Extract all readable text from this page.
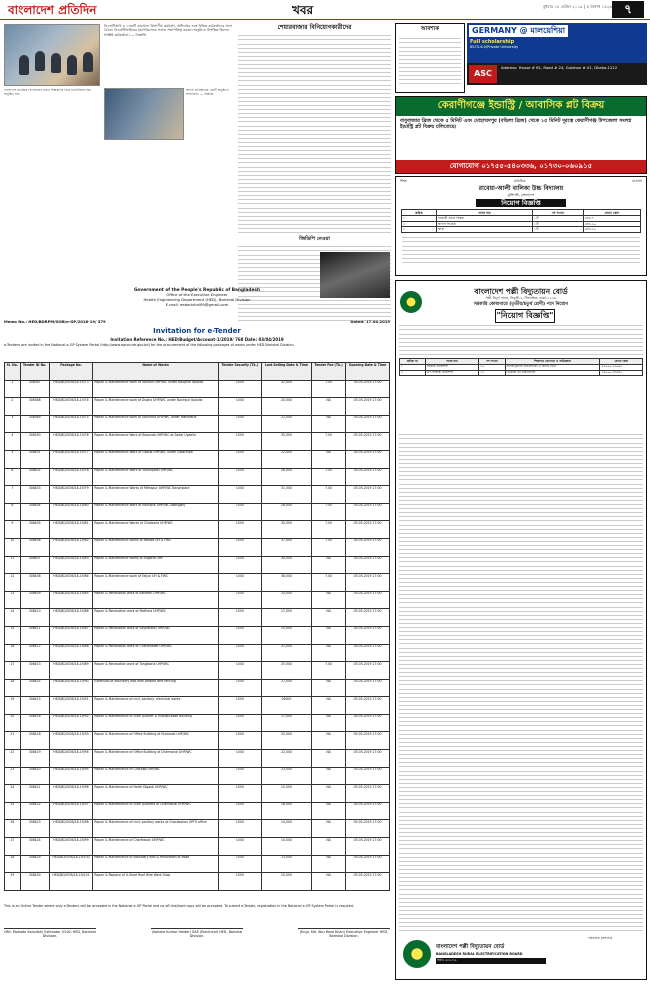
বাংলাদেশ প্রতিদিন	খবর	বুধবার ১৮ এপ্রিল ২০১৯ | ৫ বৈশাখ ১৪২৬	৭
বিএসটিআই ও ১৩৩টি কারখানা বিভাগীয় কর্মকর্তা, অধিদপ্তর এবং বিভিন্ন কর্মকর্তাদের সঙ্গে বৈঠক। বিএসটিআইয়ের মহাপরিচালক সভায় সভাপতিত্ব করেন। অনুষ্ঠানে উপস্থিত ছিলেন সংশ্লিষ্ট কর্মকর্তারা। — বিজ্ঞপ্তি
বাংলাদেশ মাধ্যমিক বিদ্যালয়ের প্রধান শিক্ষকদের নিয়ে মতবিনিময় সভা অনুষ্ঠিত হয়।
আপন প্রতিষ্ঠানের একটি অনুষ্ঠানে অতিথিরা। — বিজ্ঞপ্তি
শেয়ারবাজার বিনিয়োগকারীদের
জিডিপি নেওয়া
আবশ্যক	GERMANY @ মালয়েশিয়া
Full scholarship
IELTS-6.0/Private University
ASC
Address: House # 61, Road # 24, Gulshan # 01, Dhaka-1212
কেরাণীগঞ্জে ইন্ডাস্ট্রি / আবাসিক প্লট বিক্রয়
বাবুবাজার ব্রিজ থেকে ৫ মিনিট এবং মোহাম্মদপুর (বছিলা ব্রিজ) থেকে ১৫ মিনিট দূরত্বে কেরাণীগঞ্জ উপজেলা সংলগ্ন ইন্ডাস্ট্রি প্লট বিক্রয় চলিতেছে।
যোগাযোগ ০১৭৫৫-৫৪০৩৩৬, ০১৭৩০-০৬০৯১৫
শিক্ষা	মাধ্যমিক	মাদ্রাসা
রাবেয়া-আলী বালিকা উচ্চ বিদ্যালয়
মুন্সিগঞ্জ, বাংলাদেশ
নিয়োগ বিজ্ঞপ্তি
ক্রমিক	পদের নাম	পদ সংখ্যা	বেতন স্কেল
১	সহকারী প্রধান শিক্ষক	১টি	গ্রেড-৭
২	অফিস সহায়ক	১টি	গ্রেড-২০
৩	আয়া	১টি	গ্রেড-২০
Government of the People's Republic of Bangladesh
Office of the Executive Engineer
Health Engineering Department (HED), Barishal Division
E-mail: eebarishal09@gmail.com
Memo No.: HED/BDRPM/GOB/e-GP/2018-19/ 379	Dated: 17.04.2019
Invitation for e-Tender
Invitation Reference No.: HED/Budget/Account-1/2019/ 768 Date: 03/04/2019
e-Tenders are invited in the National e-GP System Portal (http://www.eprocure.gov.bd) for the procurement of the following packages of works under HED Barishal Division.
Sl. No.	Tender ID No.	Package No.	Name of Works	Tender Security (Tk.)	Last Selling Date & Time	Tender Fee (Tk.)	Opening Date & Time
1	308387	HED/BD/GOB/18-19/73	Repair & Maintenance work of Tolkhali UHP/WC under Bauphal Upazila	1000	32,000	7.00	05-05-2019 17:00
2	308388	HED/BD/GOB/18-19/74	Repair & Maintenance work of Dugha UHP/WC under Nazirpur Upazila	1000	20,000	NA	05-05-2019 17:00
3	308389	HED/BD/GOB/18-19/75	Repair & Maintenance work of Gourikha UHP/WC under Mathbaria	1000	21,000	NA	05-05-2019 17:00
4	308390	HED/BD/GOB/18-19/76	Repair & Maintenance Work of Basonda UHP/WC at Sadar Upazila	1000	35,000	7.00	05-05-2019 17:00
5	308401	HED/BD/GOB/18-19/77	Repair & Maintenance Work of Gabua UHP/WC under Galachipa	1000	22,000	NA	05-05-2019 17:00
6	308402	HED/BD/GOB/18-19/78	Repair & Maintenance Work of Swarupkati UHP/WC	1000	26,000	7.00	05-05-2019 17:00
7	308403	HED/BD/GOB/18-19/79	Repair & Maintenance Works of Mithapur UHP/WC Banaripara	1000	31,000	7.00	05-05-2019 17:00
8	308404	HED/BD/GOB/18-19/80	Repair & Maintenance Work of Kashipur UHP/WC Babuganj	1000	28,000	7.00	05-05-2019 17:00
9	308405	HED/BD/GOB/18-19/81	Repair & Maintenance Works of Charbaria UHP/WC	1000	30,000	7.00	05-05-2019 17:00
10	308406	HED/BD/GOB/18-19/82	Repair & Maintenance works of Natiwa UH & FWC	1000	37,000	7.00	05-05-2019 17:00
11	308407	HED/BD/GOB/18-19/83	Repair & Maintenance works of Angaria UHP	1000	35,000	NA	05-05-2019 17:00
12	308408	HED/BD/GOB/18-19/84	Repair & Maintenance work of Faljuri UH & FWC	1000	38,000	7.00	05-05-2019 17:00
13	308409	HED/BD/GOB/18-19/85	Repair & Renovation work of Kalirbari UHP/WC	1000	25,000	NA	05-05-2019 17:00
14	308410	HED/BD/GOB/18-19/86	Repair & Renovation work of Mathara UHP/WC	1000	17,000	NA	05-05-2019 17:00
15	308411	HED/BD/GOB/18-19/87	Repair & Renovation work of Sayedkathi UHP/WC	1000	25,000	NA	05-05-2019 17:00
16	308412	HED/BD/GOB/18-19/88	Repair & Renovation work of Charamaddi UHP/WC	1000	21,000	NA	05-05-2019 17:00
17	308413	HED/BD/GOB/18-19/89	Repair & Renovation work of Tongibaria UHP/WC	1000	25,000	7.00	05-05-2019 17:00
18	308414	HED/BD/GOB/18-19/90	Extension of boundary wall with barbed wire fencing	1000	27,000	NA	05-05-2019 17:00
19	308415	HED/BD/GOB/18-19/91	Repair & Maintenance of civil, sanitary, electrical works	1000	26000	NA	05-05-2019 17:00
20	308416	HED/BD/GOB/18-19/92	Repair & Maintenance of Staff Quarter & Multipurpose Building	1000	17,000	NA	05-05-2019 17:00
21	308418	HED/BD/GOB/18-19/93	Repair & Maintenance of Office Building at Hizlamail UHP/WC	1000	25,000	NA	05-05-2019 17:00
22	308419	HED/BD/GOB/18-19/94	Repair & Maintenance of Office Building at Charmonai UHP/WC	1000	22,000	NA	05-05-2019 17:00
23	308420	HED/BD/GOB/18-19/95	Repair & Maintenance of Chorabo UHP/WC	1000	23,000	NA	05-05-2019 17:00
24	308421	HED/BD/GOB/18-19/96	Repair & Maintenance of North Digaldi UHP/WC	1000	15,000	NA	05-05-2019 17:00
25	308422	HED/BD/GOB/18-19/97	Repair & Maintenance of Staff Quarters of Charmonai UHP/WC	1000	16,000	NA	05-05-2019 17:00
26	308423	HED/BD/GOB/18-19/98	Repair & Maintenance of civil, sanitary works at Charbashan UPFO office	1000	14,000	NA	05-05-2019 17:00
27	308424	HED/BD/GOB/18-19/99	Repair & Maintenance of Charfesson UHP/WC	1000	14,000	NA	05-05-2019 17:00
28	308429	HED/BD/GOB/18-19/100	Repair & Maintenance of Boundary wall & renovation of Road	1000	13,000	NA	05-05-2019 17:00
29	308430	HED/BD/GOB/18-19/101	Repair & Replace of U-Shed Roof Wire Work Shop	1000	20,000	NA	05-05-2019 17:00
This is an Online Tender where only e-Tenders will be accepted in the National e-GP Portal and no off-line/hard copy will be accepted. To submit e-Tender, registration in the National e-GP System Portal is required.
(Md. Mostafa Sadullah) Estimator (Civil) HED, Barishal Division.
(Ashoke Kumar Halder) SAE (Electrical) HED, Barishal Division.
(Engr. Md. Abu Reza Khan) Executive Engineer HED, Barishal Division.
বাংলাদেশ পল্লী বিদ্যুতায়ন বোর্ড
পল্লী বিদ্যুৎ ভবন, নিকুঞ্জ-২, খিলক্ষেত, ঢাকা-১২২৯
সরকারি কোষাগারে (তৃতীয়/চতুর্থ শ্রেণী) পদে নিয়োগ
"নিয়োগ বিজ্ঞপ্তি"
ক্রমিক নং	পদের নাম	পদ সংখ্যা	শিক্ষাগত যোগ্যতা ও অভিজ্ঞতা	বেতন স্কেল
১	সহকারী প্রকৌশলী	১০	ইলেকট্রিক্যাল ইঞ্জিনিয়ারিং-এ স্নাতক ডিগ্রি	২২০০০-৫৩০৬০
২	উপ-সহকারী প্রকৌশলী	১৫	ডিপ্লোমা ইন ইঞ্জিনিয়ারিং	১৬০০০-৩৮৬৪০
বাংলাদেশ পল্লী বিদ্যুতায়ন বোর্ড
BANGLADESH RURAL ELECTRIFICATION BOARD
জিডি- ৬৩১/১৯
পরিচালক (প্রশাসন)
